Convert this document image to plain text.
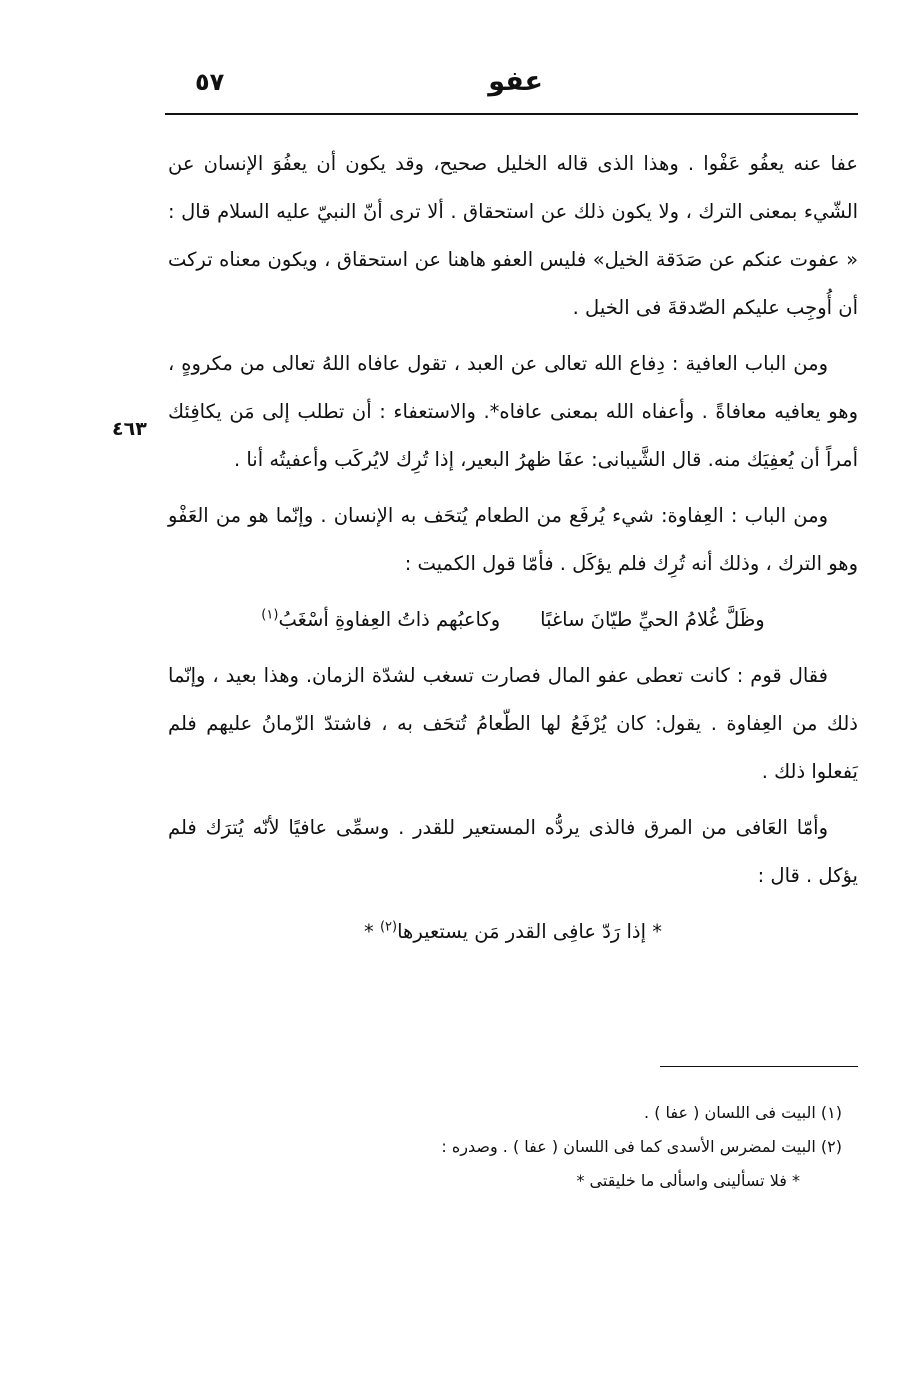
عفو
٥٧
٤٦٣

عفا عنه يعفُو عَفْوا . وهذا الذى قاله الخليل صحيح، وقد يكون أن يعفُوَ الإنسان عن الشّيء بمعنى الترك ، ولا يكون ذلك عن استحقاق . ألا ترى أنّ النبيّ عليه السلام قال : « عفوت عنكم عن صَدَقة الخيل» فليس العفو هاهنا عن استحقاق ، ويكون معناه تركت أن أُوجِب عليكم الصّدقةَ فى الخيل .

ومن الباب العافية : دِفاع الله تعالى عن العبد ، تقول عافاه اللهُ تعالى من مكروهٍ ، وهو يعافيه معافاةً . وأعفاه الله بمعنى عافاه*. والاستعفاء : أن تطلب إلى مَن يكافِئك أمراً أن يُعفِيَك منه. قال الشَّيبانى: عفَا ظهرُ البعير، إذا تُرِك لايُركَب وأعفيتُه أنا .

ومن الباب : العِفاوة: شيء يُرفَع من الطعام يُتحَف به الإنسان . وإنّما هو من العَفْو وهو الترك ، وذلك أنه تُرِك فلم يؤكَل . فأمّا قول الكميت :

وظَلَّ غُلامُ الحيِّ طيّانَ ساغبًا
وكاعبُهم ذاتُ العِفاوةِ أسْغَبُ$^{(١)}$

فقال قوم : كانت تعطى عفو المال فصارت تسغب لشدّة الزمان. وهذا بعيد ، وإنّما ذلك من العِفاوة . يقول: كان يُرْفَعُ لها الطّعامُ تُتحَف به ، فاشتدّ الزّمانُ عليهم فلم يَفعلوا ذلك .

وأمّا العَافى من المرق فالذى يردُّه المستعير للقدر . وسمِّى عافيًا لأنّه يُترَك فلم يؤكل . قال :

* إذا رَدّ عافِى القدر مَن يستعيرها$^{(٢)}$ *
(١) البيت فى اللسان ( عفا ) .
(٢) البيت لمضرس الأسدى كما فى اللسان ( عفا ) . وصدره :
* فلا تسألينى واسألى ما خليقتى *
